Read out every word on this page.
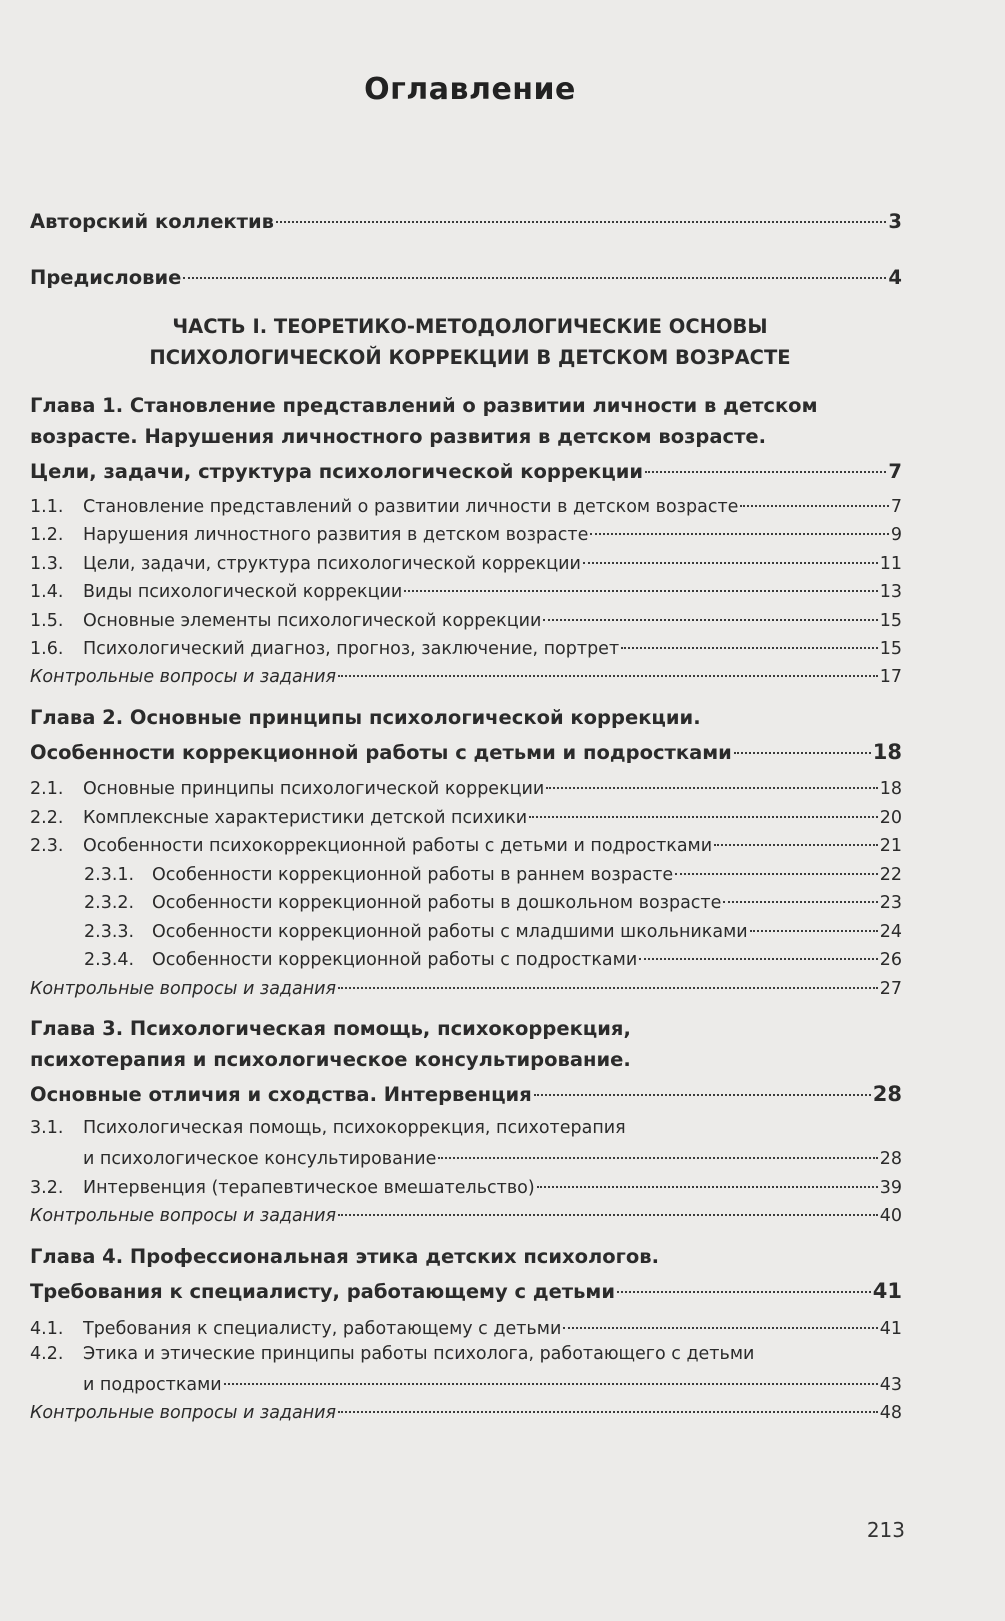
Оглавление
Авторский коллектив	3
Предисловие	4
ЧАСТЬ I. ТЕОРЕТИКО-МЕТОДОЛОГИЧЕСКИЕ ОСНОВЫ
ПСИХОЛОГИЧЕСКОЙ КОРРЕКЦИИ В ДЕТСКОМ ВОЗРАСТЕ
Глава 1. Становление представлений о развитии личности в детском
возрасте. Нарушения личностного развития в детском возрасте.
Цели, задачи, структура психологической коррекции	7
1.1.	Становление представлений о развитии личности в детском возрасте	7
1.2.	Нарушения личностного развития в детском возрасте	9
1.3.	Цели, задачи, структура психологической коррекции	11
1.4.	Виды психологической коррекции	13
1.5.	Основные элементы психологической коррекции	15
1.6.	Психологический диагноз, прогноз, заключение, портрет	15
Контрольные вопросы и задания	17
Глава 2. Основные принципы психологической коррекции.
Особенности коррекционной работы с детьми и подростками	18
2.1.	Основные принципы психологической коррекции	18
2.2.	Комплексные характеристики детской психики	20
2.3.	Особенности психокоррекционной работы с детьми и подростками	21
2.3.1.	Особенности коррекционной работы в раннем возрасте	22
2.3.2.	Особенности коррекционной работы в дошкольном возрасте	23
2.3.3.	Особенности коррекционной работы с младшими школьниками	24
2.3.4.	Особенности коррекционной работы с подростками	26
Контрольные вопросы и задания	27
Глава 3. Психологическая помощь, психокоррекция,
психотерапия и психологическое консультирование.
Основные отличия и сходства. Интервенция	28
3.1. Психологическая помощь, психокоррекция, психотерапия
и психологическое консультирование	28
3.2.	Интервенция (терапевтическое вмешательство)	39
Контрольные вопросы и задания	40
Глава 4. Профессиональная этика детских психологов.
Требования к специалисту, работающему с детьми	41
4.1.	Требования к специалисту, работающему с детьми	41
4.2. Этика и этические принципы работы психолога, работающего с детьми
и подростками	43
Контрольные вопросы и задания	48
213
